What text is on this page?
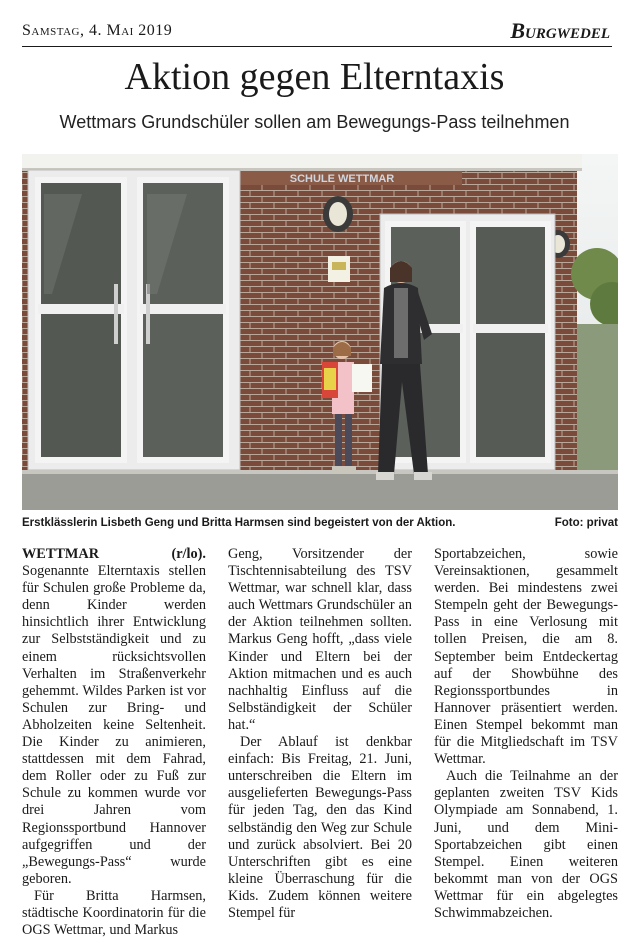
Samstag, 4. Mai 2019	Burgwedel
Aktion gegen Elterntaxis
Wettmars Grundschüler sollen am Bewegungs-Pass teilnehmen
SCHULE WETTMAR
Erstklässlerin Lisbeth Geng und Britta Harmsen sind begeistert von der Aktion.	Foto: privat

WETTMAR (r/lo). Sogenannte Elterntaxis stellen für Schulen große Probleme da, denn Kinder werden hinsichtlich ihrer Entwicklung zur Selbstständigkeit und zu einem rücksichtsvollen Verhalten im Straßenverkehr gehemmt. Wildes Parken ist vor Schulen zur Bring- und Abholzeiten keine Seltenheit. Die Kinder zu animieren, stattdessen mit dem Fahrad, dem Roller oder zu Fuß zur Schule zu kommen wurde vor drei Jahren vom Regionssportbund Hannover aufgegriffen und der „Bewegungs-Pass“ wurde geboren.

Für Britta Harmsen, städtische Koordinatorin für die OGS Wettmar, und Markus

Geng, Vorsitzender der Tischtennisabteilung des TSV Wettmar, war schnell klar, dass auch Wettmars Grundschüler an der Aktion teilnehmen sollten. Markus Geng hofft, „dass viele Kinder und Eltern bei der Aktion mitmachen und es auch nachhaltig Einfluss auf die Selbständigkeit der Schüler hat.“

Der Ablauf ist denkbar einfach: Bis Freitag, 21. Juni, unterschreiben die Eltern im ausgelieferten Bewegungs-Pass für jeden Tag, den das Kind selbständig den Weg zur Schule und zurück absolviert. Bei 20 Unterschriften gibt es eine kleine Überraschung für die Kids. Zudem können weitere Stempel für

Sportabzeichen, sowie Vereinsaktionen, gesammelt werden. Bei mindestens zwei Stempeln geht der Bewegungs-Pass in eine Verlosung mit tollen Preisen, die am 8. September beim Entdeckertag auf der Showbühne des Regionssportbundes in Hannover präsentiert werden. Einen Stempel bekommt man für die Mitgliedschaft im TSV Wettmar.

Auch die Teilnahme an der geplanten zweiten TSV Kids Olympiade am Sonnabend, 1. Juni, und dem Mini-Sportabzeichen gibt einen Stempel. Einen weiteren bekommt man von der OGS Wettmar für ein abgelegtes Schwimmabzeichen.
